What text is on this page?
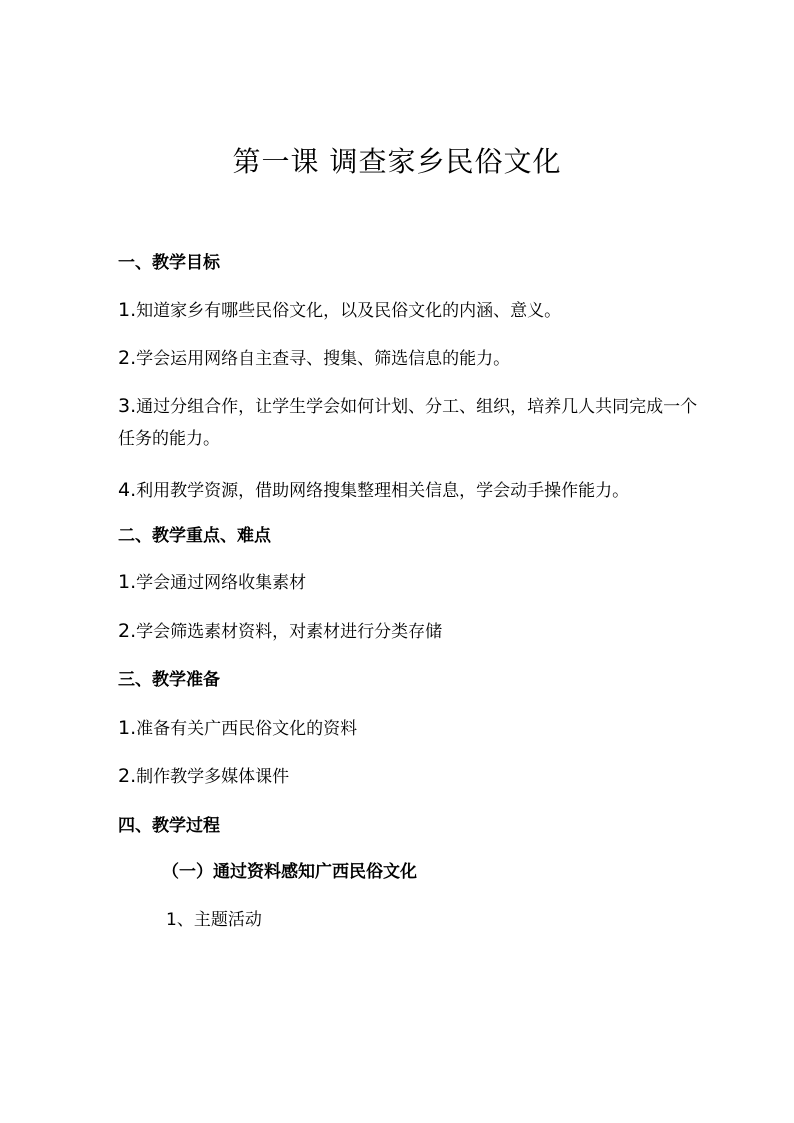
第一课 调查家乡民俗文化
一、教学目标
1.知道家乡有哪些民俗文化，以及民俗文化的内涵、意义。
2.学会运用网络自主查寻、搜集、筛选信息的能力。
3.通过分组合作，让学生学会如何计划、分工、组织，培养几人共同完成一个任务的能力。
4.利用教学资源，借助网络搜集整理相关信息，学会动手操作能力。
二、教学重点、难点
1.学会通过网络收集素材
2.学会筛选素材资料，对素材进行分类存储
三、教学准备
1.准备有关广西民俗文化的资料
2.制作教学多媒体课件
四、教学过程
（一）通过资料感知广西民俗文化
1、主题活动
